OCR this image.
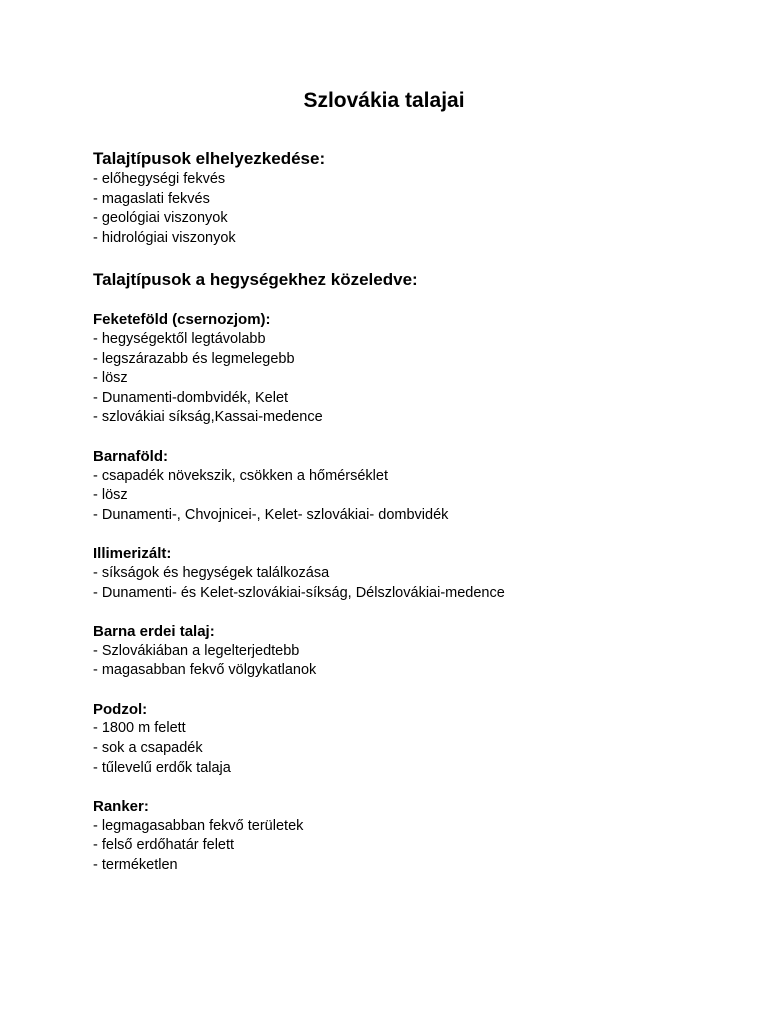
Szlovákia talajai

Talajtípusok elhelyezkedése:

- előhegységi fekvés

- magaslati fekvés

- geológiai viszonyok

- hidrológiai viszonyok

Talajtípusok a hegységekhez közeledve:

Feketeföld (csernozjom):

- hegységektől legtávolabb

- legszárazabb és legmelegebb

- lösz

- Dunamenti-dombvidék, Kelet

- szlovákiai síkság,Kassai-medence

Barnaföld:

- csapadék növekszik, csökken a hőmérséklet

- lösz

- Dunamenti-, Chvojnicei-, Kelet- szlovákiai- dombvidék

Illimerizált:

- síkságok és hegységek találkozása

- Dunamenti- és Kelet-szlovákiai-síkság, Délszlovákiai-medence

Barna erdei talaj:

- Szlovákiában a legelterjedtebb

- magasabban fekvő völgykatlanok

Podzol:

- 1800 m felett

- sok a csapadék

- tűlevelű erdők talaja

Ranker:

- legmagasabban fekvő területek

- felső erdőhatár felett

- terméketlen
